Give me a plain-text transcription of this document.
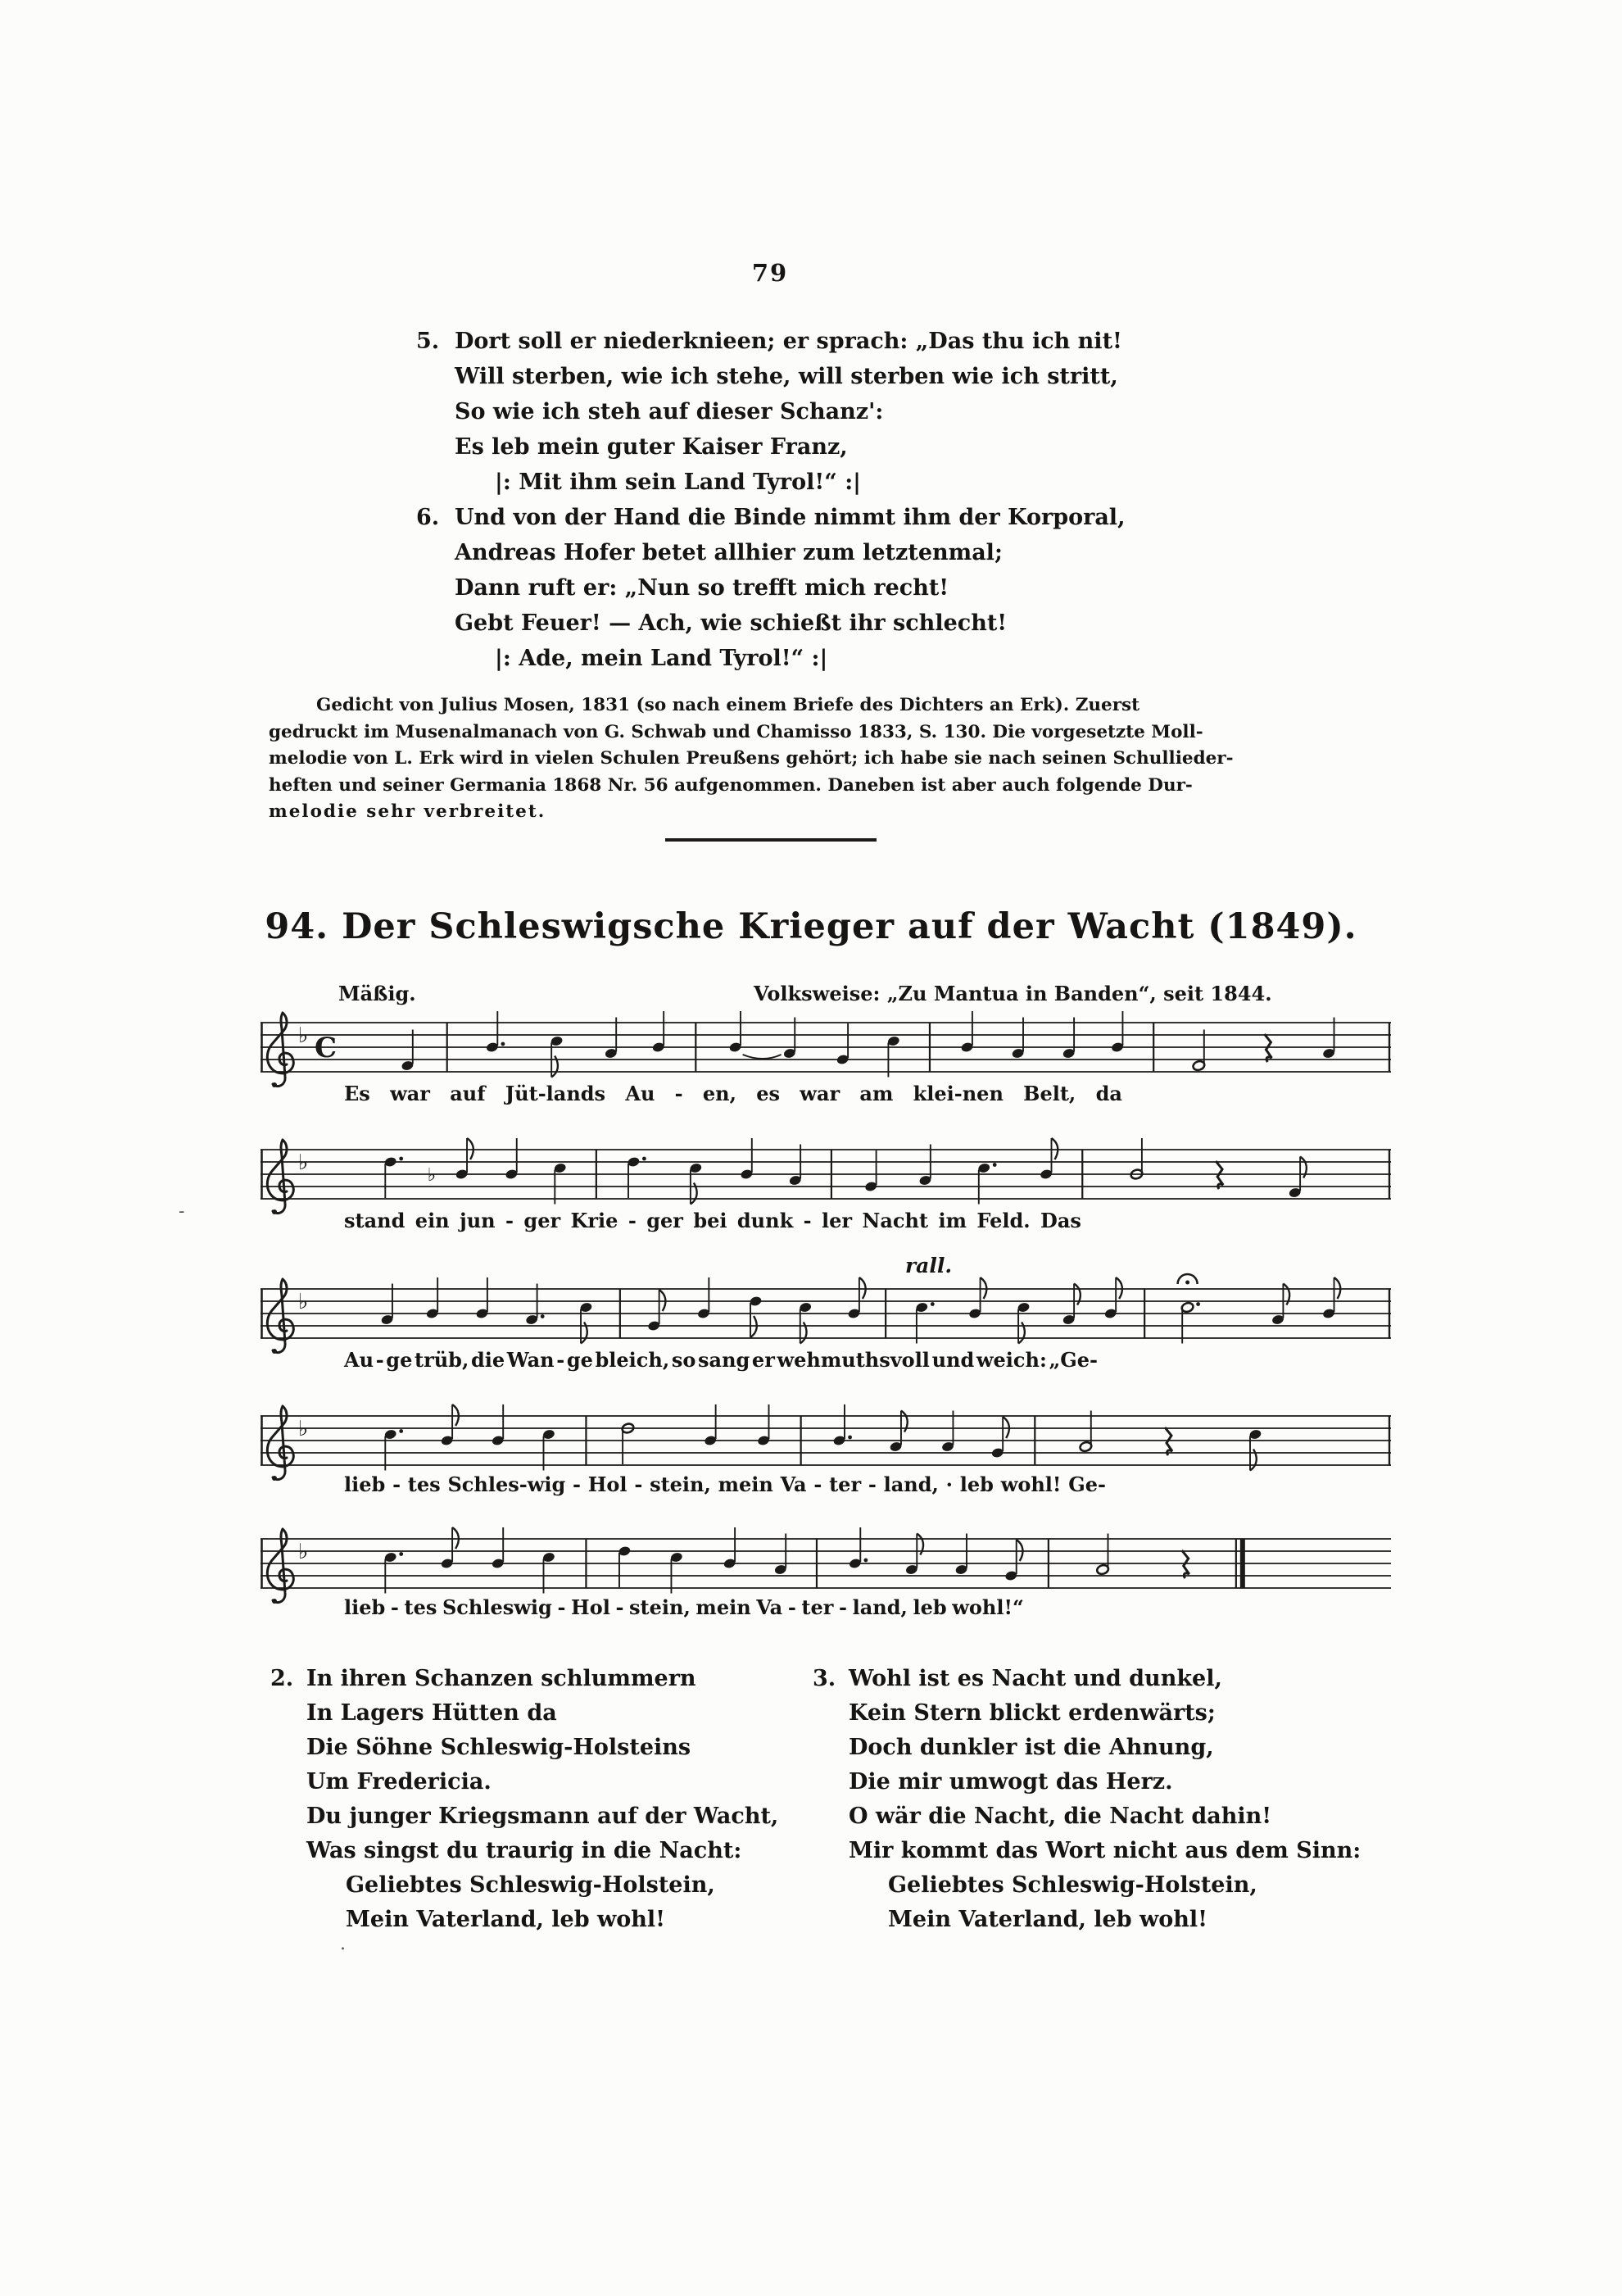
79
5. Dort soll er niederknieen; er sprach: „Das thu ich nit!
Will sterben, wie ich stehe, will sterben wie ich stritt,
So wie ich steh auf dieser Schanz':
Es leb mein guter Kaiser Franz,
|: Mit ihm sein Land Tyrol!“ :|
6. Und von der Hand die Binde nimmt ihm der Korporal,
Andreas Hofer betet allhier zum letztenmal;
Dann ruft er: „Nun so trefft mich recht!
Gebt Feuer! — Ach, wie schießt ihr schlecht!
|: Ade, mein Land Tyrol!“ :|
Gedicht von Julius Mosen, 1831 (so nach einem Briefe des Dichters an Erk). Zuerst
gedruckt im Musenalmanach von G. Schwab und Chamisso 1833, S. 130. Die vorgesetzte Moll-
melodie von L. Erk wird in vielen Schulen Preußens gehört; ich habe sie nach seinen Schullieder-
heften und seiner Germania 1868 Nr. 56 aufgenommen. Daneben ist aber auch folgende Dur-
melodie sehr verbreitet.
94. Der Schleswigsche Krieger auf der Wacht (1849).
Mäßig.	Volksweise: „Zu Mantua in Banden“, seit 1844.
rall.
♭ C
Es war auf Jüt-lands Au - en, es war am klei-nen Belt, da
♭
♭
stand ein jun - ger Krie - ger bei dunk - ler Nacht im Feld. Das
♭
Au - ge trüb, die Wan - ge bleich, so sang er wehmuthsvoll und weich: „Ge-
♭
lieb - tes Schles-wig - Hol - stein, mein Va - ter - land, · leb wohl! Ge-
♭
lieb - tes Schleswig - Hol - stein, mein Va - ter - land, leb wohl!“
2. In ihren Schanzen schlummern
In Lagers Hütten da
Die Söhne Schleswig-Holsteins
Um Fredericia.
Du junger Kriegsmann auf der Wacht,
Was singst du traurig in die Nacht:
Geliebtes Schleswig-Holstein,
Mein Vaterland, leb wohl!
3. Wohl ist es Nacht und dunkel,
Kein Stern blickt erdenwärts;
Doch dunkler ist die Ahnung,
Die mir umwogt das Herz.
O wär die Nacht, die Nacht dahin!
Mir kommt das Wort nicht aus dem Sinn:
Geliebtes Schleswig-Holstein,
Mein Vaterland, leb wohl!
-
.
